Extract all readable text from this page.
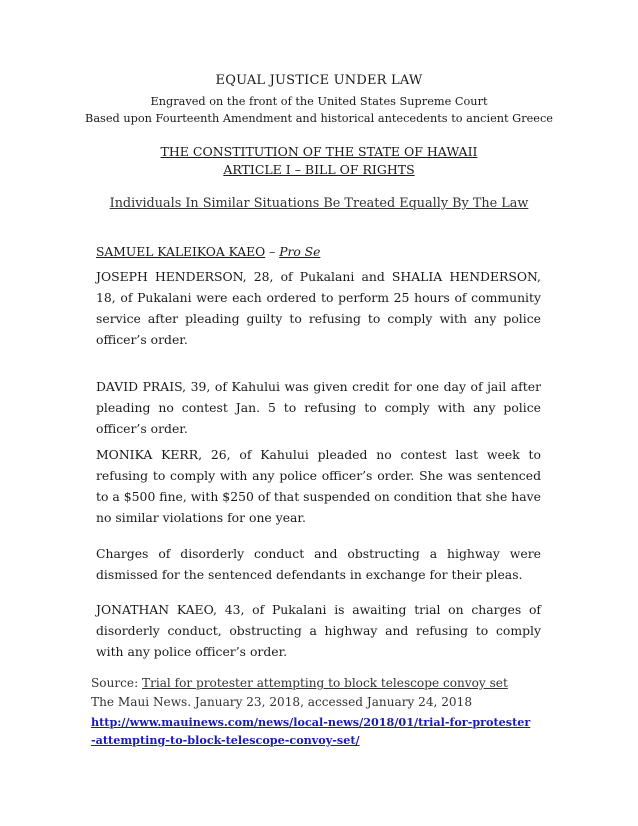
EQUAL JUSTICE UNDER LAW
Engraved on the front of the United States Supreme Court
Based upon Fourteenth Amendment and historical antecedents to ancient Greece
THE CONSTITUTION OF THE STATE OF HAWAII
ARTICLE I – BILL OF RIGHTS
Individuals In Similar Situations Be Treated Equally By The Law
SAMUEL KALEIKOA KAEO – Pro Se

JOSEPH HENDERSON, 28, of Pukalani and SHALIA HENDERSON, 18, of Pukalani were each ordered to perform 25 hours of community service after pleading guilty to refusing to comply with any police officer’s order.

DAVID PRAIS, 39, of Kahului was given credit for one day of jail after pleading no contest Jan. 5 to refusing to comply with any police officer’s order.

MONIKA KERR, 26, of Kahului pleaded no contest last week to refusing to comply with any police officer’s order. She was sentenced to a $500 fine, with $250 of that suspended on condition that she have no similar violations for one year.

Charges of disorderly conduct and obstructing a highway were dismissed for the sentenced defendants in exchange for their pleas.

JONATHAN KAEO, 43, of Pukalani is awaiting trial on charges of disorderly conduct, obstructing a highway and refusing to comply with any police officer’s order.

Source: Trial for protester attempting to block telescope convoy set
The Maui News. January 23, 2018, accessed January 24, 2018
http://www.mauinews.com/news/local-news/2018/01/trial-for-protester-attempting-to-block-telescope-convoy-set/
